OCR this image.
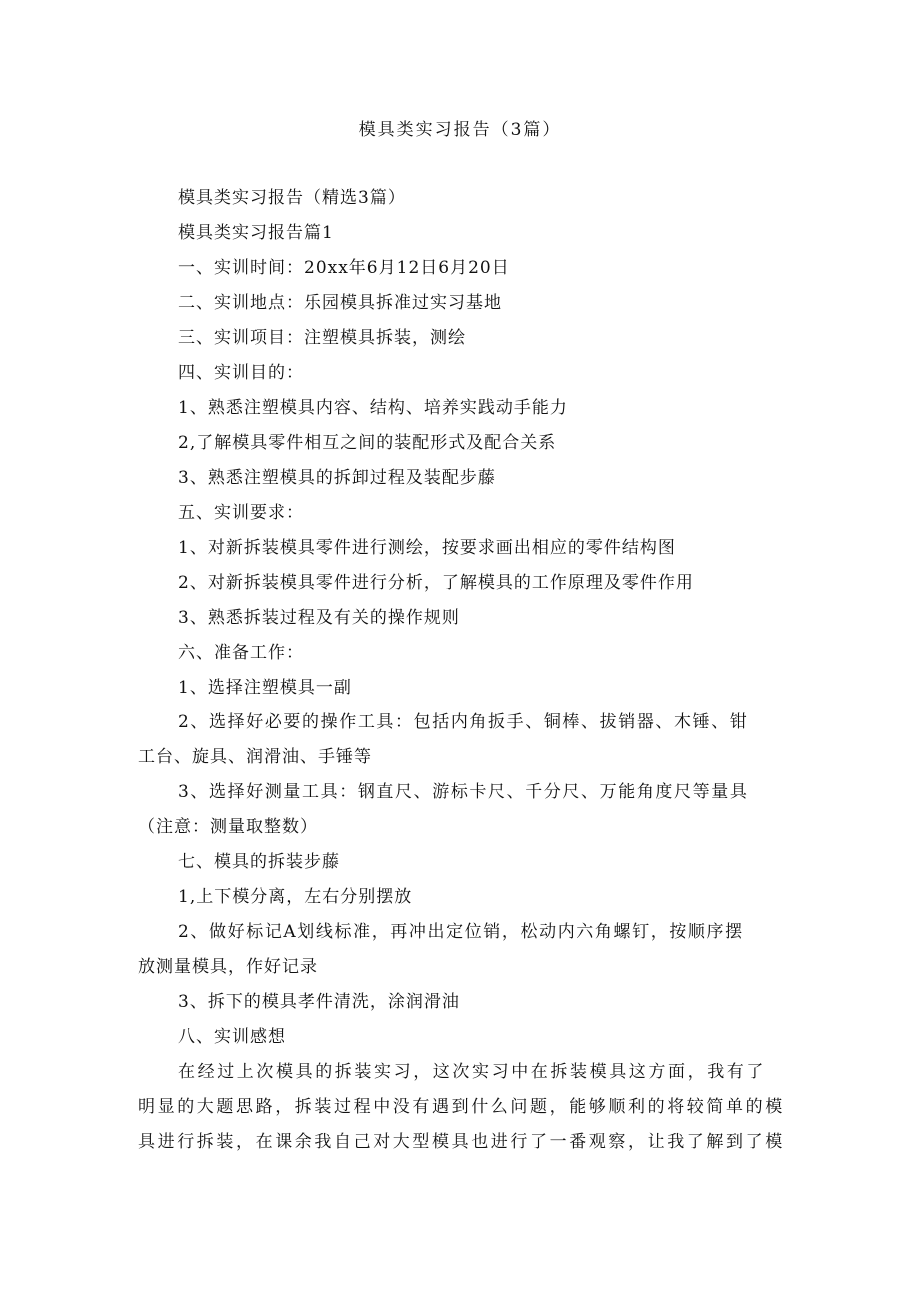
模具类实习报告（3篇）
模具类实习报告（精选3篇）
模具类实习报告篇1
一、实训时间：20xx年6月12日6月20日
二、实训地点：乐园模具拆准过实习基地
三、实训项目：注塑模具拆装，测绘
四、实训目的：
1、熟悉注塑模具内容、结构、培养实践动手能力
2,了解模具零件相互之间的装配形式及配合关系
3、熟悉注塑模具的拆卸过程及装配步藤
五、实训要求：
1、对新拆装模具零件进行测绘，按要求画出相应的零件结构图
2、对新拆装模具零件进行分析，了解模具的工作原理及零件作用
3、熟悉拆装过程及有关的操作规则
六、准备工作：
1、选择注塑模具一副
2、选择好必要的操作工具：包括内角扳手、铜棒、拔销器、木锤、钳
工台、旋具、润滑油、手锤等
3、选择好测量工具：钢直尺、游标卡尺、千分尺、万能角度尺等量具
（注意：测量取整数）
七、模具的拆装步藤
1,上下模分离，左右分别摆放
2、做好标记A划线标准，再冲出定位销，松动内六角螺钉，按顺序摆
放测量模具，作好记录
3、拆下的模具孝件清洗，涂润滑油
八、实训感想
在经过上次模具的拆装实习，这次实习中在拆装模具这方面，我有了
明显的大题思路，拆装过程中没有遇到什么问题，能够顺利的将较简单的模
具进行拆装，在课余我自己对大型模具也进行了一番观察，让我了解到了模
